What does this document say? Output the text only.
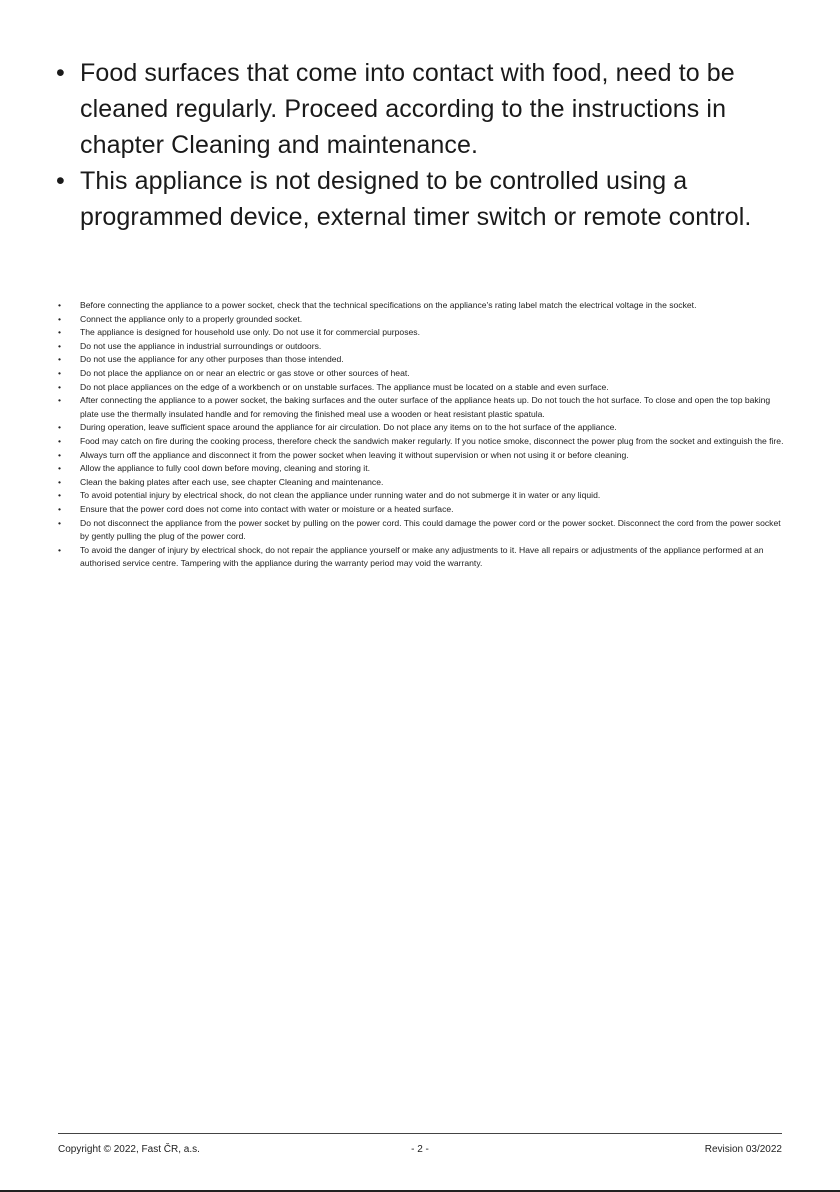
• Food surfaces that come into contact with food, need to be cleaned regularly. Proceed according to the instructions in chapter Cleaning and maintenance.
• This appliance is not designed to be controlled using a programmed device, external timer switch or remote control.
• Before connecting the appliance to a power socket, check that the technical specifications on the appliance's rating label match the electrical voltage in the socket.
• Connect the appliance only to a properly grounded socket.
• The appliance is designed for household use only. Do not use it for commercial purposes.
• Do not use the appliance in industrial surroundings or outdoors.
• Do not use the appliance for any other purposes than those intended.
• Do not place the appliance on or near an electric or gas stove or other sources of heat.
• Do not place appliances on the edge of a workbench or on unstable surfaces. The appliance must be located on a stable and even surface.
• After connecting the appliance to a power socket, the baking surfaces and the outer surface of the appliance heats up. Do not touch the hot surface. To close and open the top baking plate use the thermally insulated handle and for removing the finished meal use a wooden or heat resistant plastic spatula.
• During operation, leave sufficient space around the appliance for air circulation. Do not place any items on to the hot surface of the appliance.
• Food may catch on fire during the cooking process, therefore check the sandwich maker regularly. If you notice smoke, disconnect the power plug from the socket and extinguish the fire.
• Always turn off the appliance and disconnect it from the power socket when leaving it without supervision or when not using it or before cleaning.
• Allow the appliance to fully cool down before moving, cleaning and storing it.
• Clean the baking plates after each use, see chapter Cleaning and maintenance.
• To avoid potential injury by electrical shock, do not clean the appliance under running water and do not submerge it in water or any liquid.
• Ensure that the power cord does not come into contact with water or moisture or a heated surface.
• Do not disconnect the appliance from the power socket by pulling on the power cord. This could damage the power cord or the power socket. Disconnect the cord from the power socket by gently pulling the plug of the power cord.
• To avoid the danger of injury by electrical shock, do not repair the appliance yourself or make any adjustments to it. Have all repairs or adjustments of the appliance performed at an authorised service centre. Tampering with the appliance during the warranty period may void the warranty.
Copyright © 2022, Fast ČR, a.s.	- 2 -	Revision 03/2022
